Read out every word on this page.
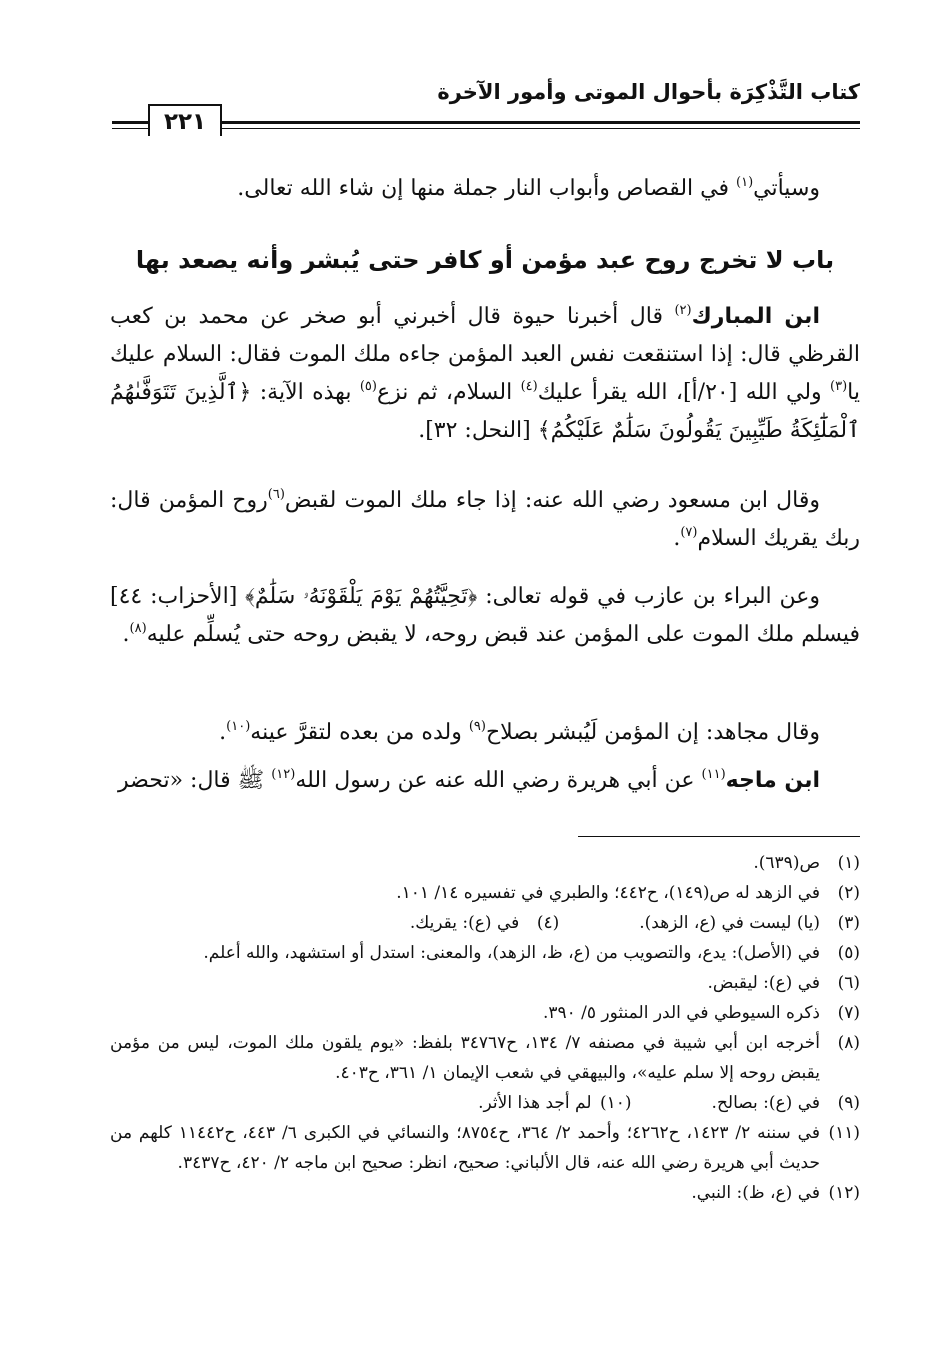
كتاب التَّذْكِرَة بأحوال الموتى وأمور الآخرة
٢٢١

وسيأتي$^{(١)}$ في القصاص وأبواب النار جملة منها إن شاء الله تعالى.

باب لا تخرج روح عبد مؤمن أو كافر حتى يُبشر وأنه يصعد بها

ابن المبارك$^{(٢)}$ قال أخبرنا حيوة قال أخبرني أبو صخر عن محمد بن كعب القرظي قال: إذا استنقعت نفس العبد المؤمن جاءه ملك الموت فقال: السلام عليك يا$^{(٣)}$ ولي الله [٢٠/أ]، الله يقرأ عليك$^{(٤)}$ السلام، ثم نزع$^{(٥)}$ بهذه الآية: ﴿ٱلَّذِينَ تَتَوَفَّىٰهُمُ ٱلْمَلَٰٓئِكَةُ طَيِّبِينَ يَقُولُونَ سَلَٰمٌ عَلَيْكُمُ﴾ [النحل: ٣٢].

وقال ابن مسعود رضي الله عنه: إذا جاء ملك الموت لقبض$^{(٦)}$روح المؤمن قال: ربك يقريك السلام$^{(٧)}$.

وعن البراء بن عازب في قوله تعالى: ﴿تَحِيَّتُهُمْ يَوْمَ يَلْقَوْنَهُۥ سَلَٰمٌ﴾ [الأحزاب: ٤٤] فيسلم ملك الموت على المؤمن عند قبض روحه، لا يقبض روحه حتى يُسلِّم عليه$^{(٨)}$.

وقال مجاهد: إن المؤمن لَيُبشر بصلاح$^{(٩)}$ ولده من بعده لتقرَّ عينه$^{(١٠)}$.

ابن ماجه$^{(١١)}$ عن أبي هريرة رضي الله عنه عن رسول الله$^{(١٢)}$ ﷺ قال: «تحضر

(١)
ص(٦٣٩).
(٢)
في الزهد له ص(١٤٩)، ح٤٤٢؛ والطبري في تفسيره ١٤/ ١٠١.
(٣)
(يا) ليست في (ع، الزهد).
(٤)
في (ع): يقريك.
(٥)
في (الأصل): يدع، والتصويب من (ع، ظ، الزهد)، والمعنى: استدل أو استشهد، والله أعلم.
(٦)
في (ع): ليقبض.
(٧)
ذكره السيوطي في الدر المنثور ٥/ ٣٩٠.
(٨)
أخرجه ابن أبي شيبة في مصنفه ٧/ ١٣٤، ح٣٤٧٦٧ بلفظ: «يوم يلقون ملك الموت، ليس من مؤمن يقبض روحه إلا سلم عليه»، والبيهقي في شعب الإيمان ١/ ٣٦١، ح٤٠٣.
(٩)
في (ع): بصالح.
(١٠)
لم أجد هذا الأثر.
(١١)
في سننه ٢/ ١٤٢٣، ح٤٢٦٢؛ وأحمد ٢/ ٣٦٤، ح٨٧٥٤؛ والنسائي في الكبرى ٦/ ٤٤٣، ح١١٤٤٢ كلهم من حديث أبي هريرة رضي الله عنه، قال الألباني: صحيح، انظر: صحيح ابن ماجه ٢/ ٤٢٠، ح٣٤٣٧.
(١٢)
في (ع، ظ): النبي.
